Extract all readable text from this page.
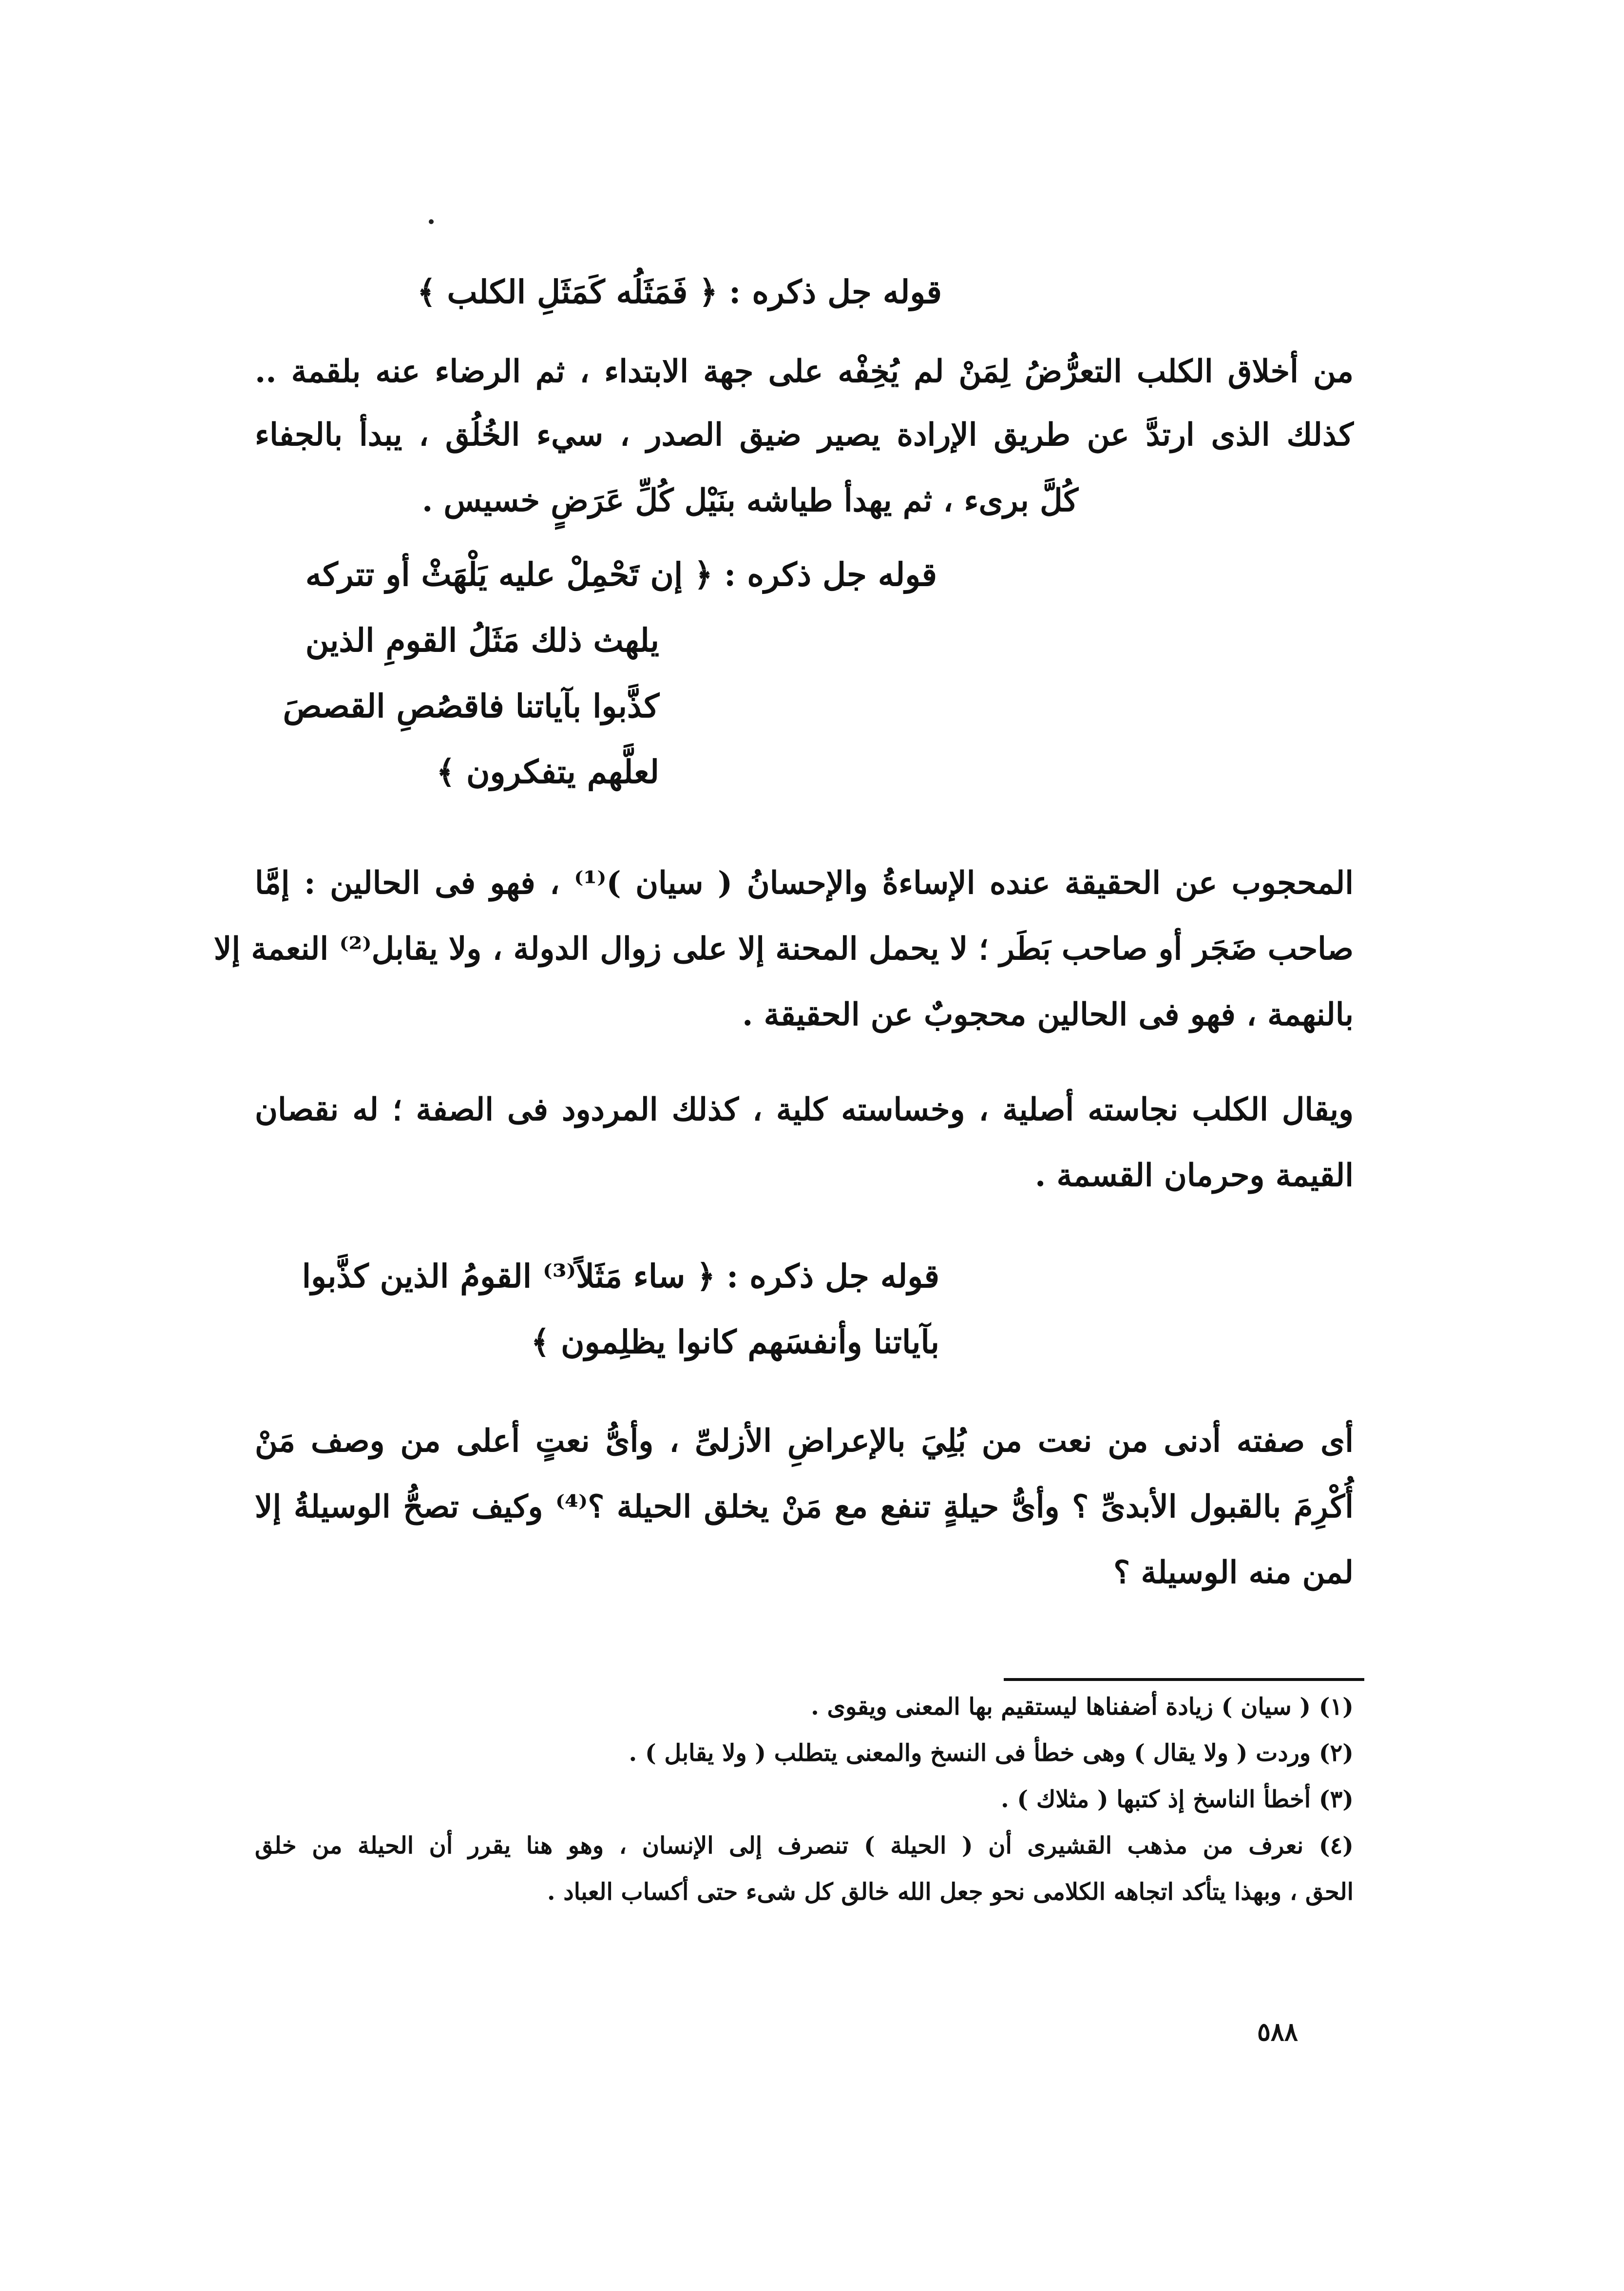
قوله جل ذكره : ﴿ فَمَثَلُه كَمَثَلِ الكلب ﴾
من أخلاق الكلب التعرُّضُ لِمَنْ لم يُخِفْه على جهة الابتداء ، ثم الرضاء عنه بلقمة ..
كذلك الذى ارتدَّ عن طريق الإرادة يصير ضيق الصدر ، سيء الخُلُق ، يبدأ بالجفاء
كُلَّ برىء ، ثم يهدأ طياشه بنَيْل كُلِّ عَرَضٍ خسيس .
قوله جل ذكره : ﴿ إن تَحْمِلْ عليه يَلْهَثْ أو تتركه
يلهث ذلك مَثَلُ القومِ الذين
كذَّبوا بآياتنا فاقصُصِ القصصَ
لعلَّهم يتفكرون ﴾
المحجوب عن الحقيقة عنده الإساءةُ والإحسانُ ( سيان )⁽¹⁾ ، فهو فى الحالين : إمَّا
صاحب ضَجَر أو صاحب بَطَر ؛ لا يحمل المحنة إلا على زوال الدولة ، ولا يقابل⁽²⁾ النعمة إلا
بالنهمة ، فهو فى الحالين محجوبٌ عن الحقيقة .
ويقال الكلب نجاسته أصلية ، وخساسته كلية ، كذلك المردود فى الصفة ؛ له نقصان
القيمة وحرمان القسمة .
قوله جل ذكره : ﴿ ساء مَثَلاً⁽³⁾ القومُ الذين كذَّبوا
بآياتنا وأنفسَهم كانوا يظلِمون ﴾
أى صفته أدنى من نعت من بُلِيَ بالإعراضِ الأزلىِّ ، وأىُّ نعتٍ أعلى من وصف مَنْ
أُكْرِمَ بالقبول الأبدىِّ ؟ وأىُّ حيلةٍ تنفع مع مَنْ يخلق الحيلة ؟⁽⁴⁾ وكيف تصحُّ الوسيلةُ إلا
لمن منه الوسيلة ؟
(١) ( سيان ) زيادة أضفناها ليستقيم بها المعنى ويقوى .
(٢) وردت ( ولا يقال ) وهى خطأ فى النسخ والمعنى يتطلب ( ولا يقابل ) .
(٣) أخطأ الناسخ إذ كتبها ( مثلاك ) .
(٤) نعرف من مذهب القشيرى أن ( الحيلة ) تنصرف إلى الإنسان ، وهو هنا يقرر أن الحيلة من خلق
الحق ، وبهذا يتأكد اتجاهه الكلامى نحو جعل الله خالق كل شىء حتى أكساب العباد .
٥٨٨
